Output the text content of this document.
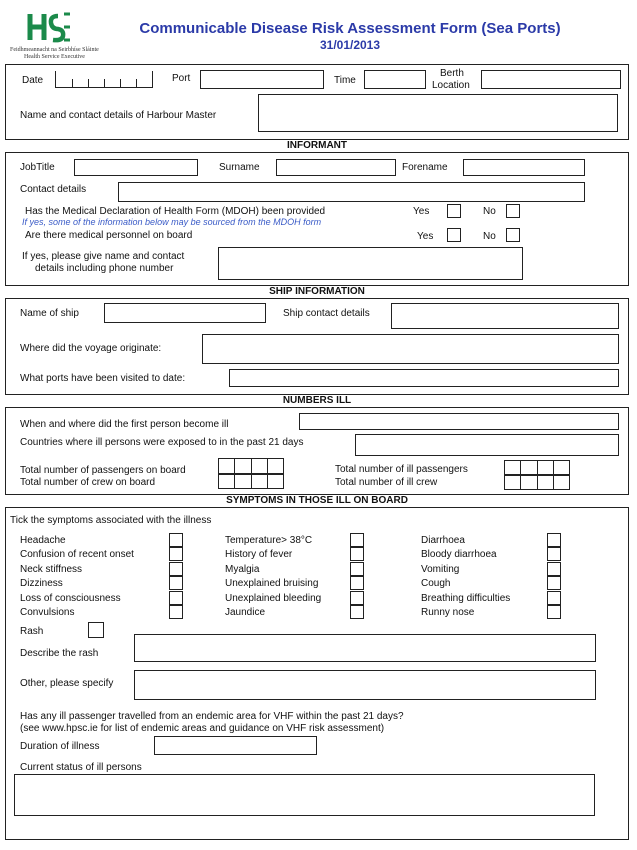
Feidhmeannacht na Seirbhíse Sláinte
Health Service Executive
Communicable Disease Risk Assessment Form (Sea Ports)
31/01/2013
Date	Port	Time
Berth
Location
Name and contact details of Harbour Master
INFORMANT
JobTitle	Surname	Forename
Contact details
Has the Medical Declaration of Health Form (MDOH) been provided	Yes	No
If yes, some of the information below may be sourced from the MDOH form
Are there medical personnel on board	Yes	No
If yes, please give name and contact
details including phone number
SHIP INFORMATION
Name of ship	Ship contact details
Where did the voyage originate:
What ports have been visited to date:
NUMBERS ILL
When and where did the first person become ill
Countries where ill persons were exposed to in the past 21 days
Total number of passengers on board
Total number of crew on board
Total number of ill passengers
Total number of ill crew
SYMPTOMS IN THOSE ILL ON BOARD
Tick the symptoms associated with the illness
Headache
Confusion of recent onset
Neck stiffness
Dizziness
Loss of consciousness
Convulsions
Temperature> 38°C
History of fever
Myalgia
Unexplained bruising
Unexplained bleeding
Jaundice
Diarrhoea
Bloody diarrhoea
Vomiting
Cough
Breathing difficulties
Runny nose
Rash
Describe the rash
Other, please specify
Has any ill passenger travelled from an endemic area for VHF within the past 21 days?
(see www.hpsc.ie for list of endemic areas and guidance on VHF risk assessment)
Duration of illness
Current status of ill persons
